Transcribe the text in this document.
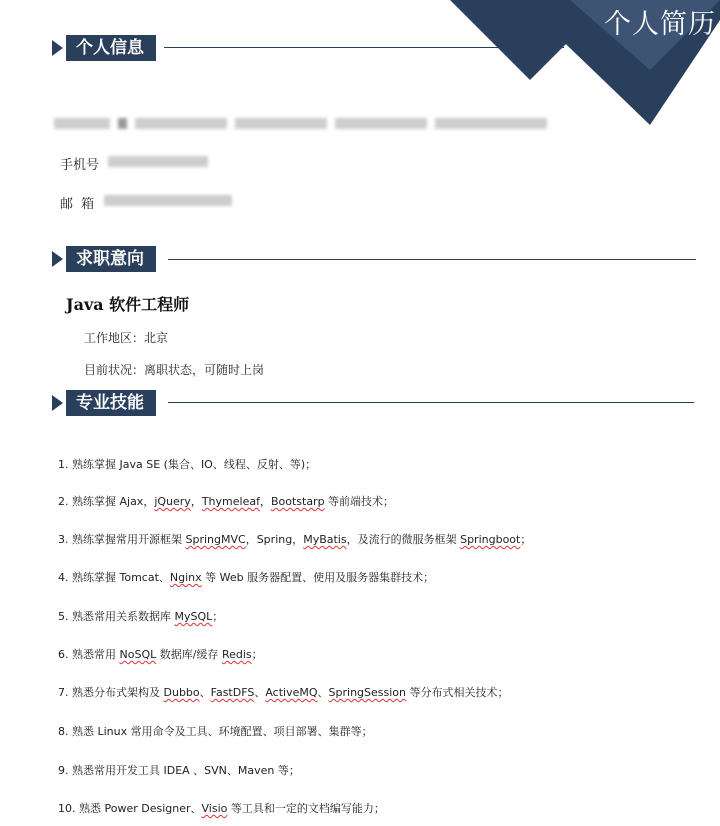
个人简历
个人信息
手机号
邮 箱
求职意向
Java 软件工程师
工作地区：北京
目前状况：离职状态，可随时上岗
专业技能
1. 熟练掌握 Java SE (集合、IO、线程、反射、等)；
2. 熟练掌握 Ajax，jQuery，Thymeleaf，Bootstarp 等前端技术；
3. 熟练掌握常用开源框架 SpringMVC，Spring，MyBatis，及流行的微服务框架 Springboot；
4. 熟练掌握 Tomcat、Nginx 等 Web 服务器配置、使用及服务器集群技术；
5. 熟悉常用关系数据库 MySQL；
6. 熟悉常用 NoSQL 数据库/缓存 Redis；
7. 熟悉分布式架构及 Dubbo、FastDFS、ActiveMQ、SpringSession 等分布式相关技术；
8. 熟悉 Linux 常用命令及工具、环境配置、项目部署、集群等；
9. 熟悉常用开发工具 IDEA 、SVN、Maven 等；
10. 熟悉 Power Designer、Visio 等工具和一定的文档编写能力；
